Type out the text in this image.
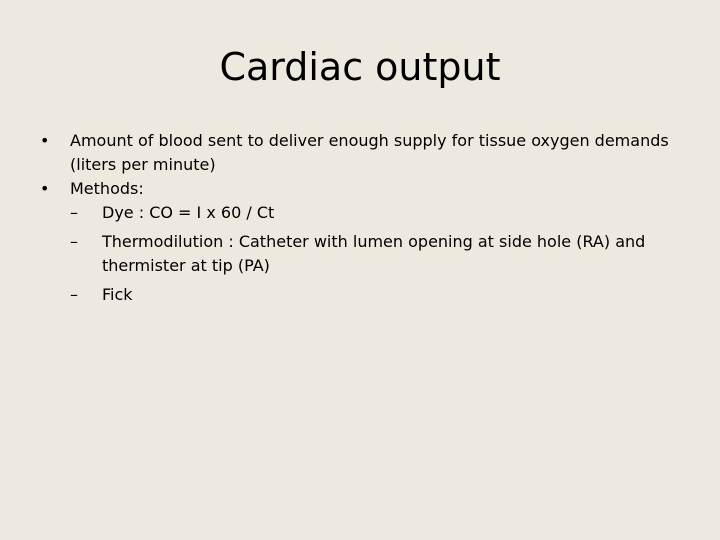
Cardiac output
•	Amount of blood sent to deliver enough supply for tissue oxygen demands (liters per minute)
•	Methods:
– Dye : CO = I x 60 / Ct
– Thermodilution : Catheter with lumen opening at side hole (RA) and thermister at tip (PA)
– Fick
